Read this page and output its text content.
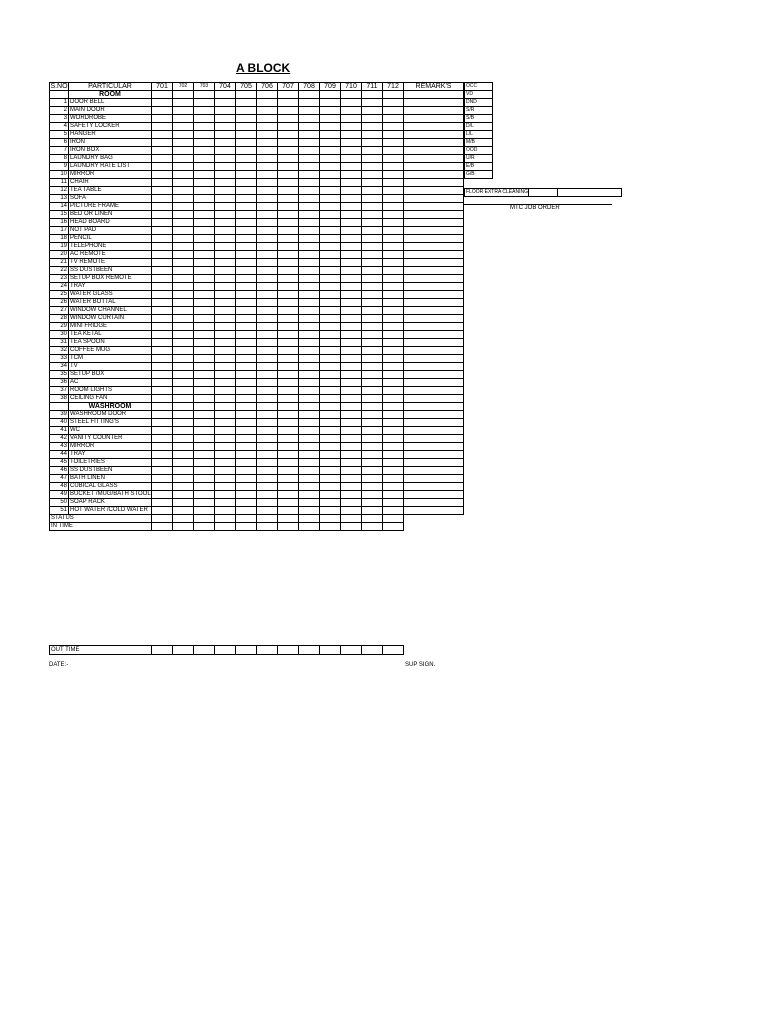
A BLOCK
S.NO	PARTICULAR	701	702	703	704	705	706	707	708	709	710	711	712	REMARK'S
	ROOM													
1	DOOR BELL													
2	MAIN DOOR													
3	WORDROBE													
4	SAFETY LOCKER													
5	HANGER													
6	IRON													
7	IRON BOX													
8	LAUNDRY BAG													
9	LAUNDRY RATE LIST													
10	MIRROR													
11	CHAIR													
12	TEA TABLE													
13	SOFA													
14	PICTURE FRAME													
15	BED OR LINEN													
16	HEAD BOARD													
17	NOT PAD													
18	PENCIL													
19	TELEPHONE													
20	AC REMOTE													
21	TV REMOTE													
22	SS DUSTBEEN													
23	SETUP BOX REMOTE													
24	TRAY													
25	WATER GLASS													
26	WATER BOTTAL													
27	WINDOW CHANNEL													
28	WINDOW CURTAIN													
29	MINI FRIDGE													
30	TEA KETAL													
31	TEA SPOON													
32	COFFEE MUG													
33	TCM													
34	TV													
35	SETUP BOX													
36	AC													
37	ROOM LIGHTS													
38	CEILING FAN													
	WASHROOM													
39	WASHROOM DOOR													
40	STEEL FITTING'S													
41	WC													
42	VANITY COUNTER													
43	MIRROR													
44	TRAY													
45	TOILETRIES													
46	SS DUSTBEEN													
47	BATH LINEN													
48	CUBICAL GLASS													
49	BUCKET /MUG/BATH STOOL													
50	SOAP RACK													
51	HOT WATER /COLD WATER													
STATUS														
IN TIME														
OCC
VD
DND
S/R
S/B
D/L
L/L
M/B
OOD
U/R
E/B
G/B
FLOOR EXTRA CLEANING		
MTC JOB ORDER
OUT TIME												
DATE:-	SUP SIGN.
